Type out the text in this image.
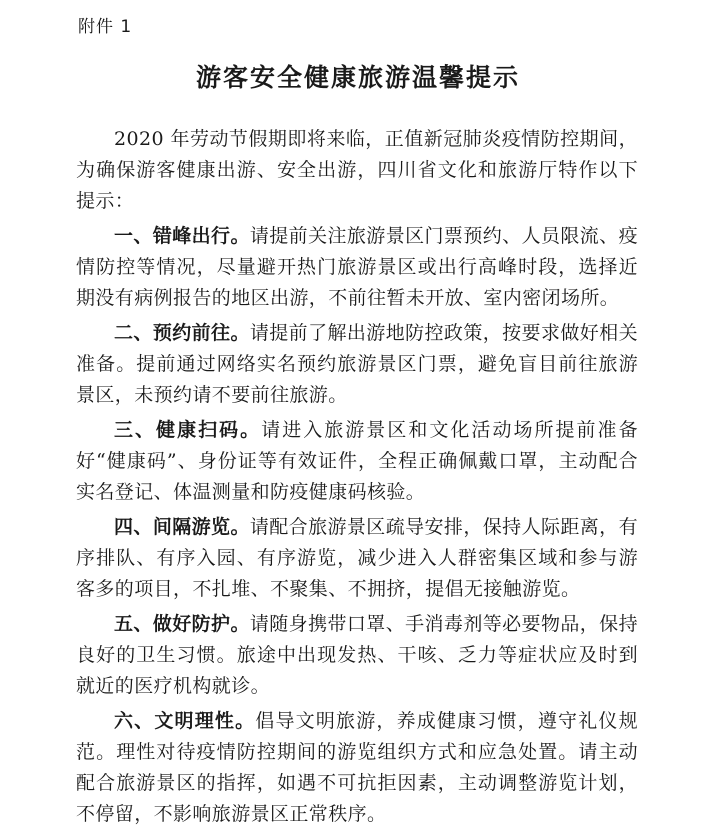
附件 1
游客安全健康旅游温馨提示

2020 年劳动节假期即将来临，正值新冠肺炎疫情防控期间，为确保游客健康出游、安全出游，四川省文化和旅游厅特作以下提示：

一、错峰出行。请提前关注旅游景区门票预约、人员限流、疫情防控等情况，尽量避开热门旅游景区或出行高峰时段，选择近期没有病例报告的地区出游，不前往暂未开放、室内密闭场所。

二、预约前往。请提前了解出游地防控政策，按要求做好相关准备。提前通过网络实名预约旅游景区门票，避免盲目前往旅游景区，未预约请不要前往旅游。

三、健康扫码。请进入旅游景区和文化活动场所提前准备好“健康码”、身份证等有效证件，全程正确佩戴口罩，主动配合实名登记、体温测量和防疫健康码核验。

四、间隔游览。请配合旅游景区疏导安排，保持人际距离，有序排队、有序入园、有序游览，减少进入人群密集区域和参与游客多的项目，不扎堆、不聚集、不拥挤，提倡无接触游览。

五、做好防护。请随身携带口罩、手消毒剂等必要物品，保持良好的卫生习惯。旅途中出现发热、干咳、乏力等症状应及时到就近的医疗机构就诊。

六、文明理性。倡导文明旅游，养成健康习惯，遵守礼仪规范。理性对待疫情防控期间的游览组织方式和应急处置。请主动配合旅游景区的指挥，如遇不可抗拒因素，主动调整游览计划，不停留，不影响旅游景区正常秩序。
